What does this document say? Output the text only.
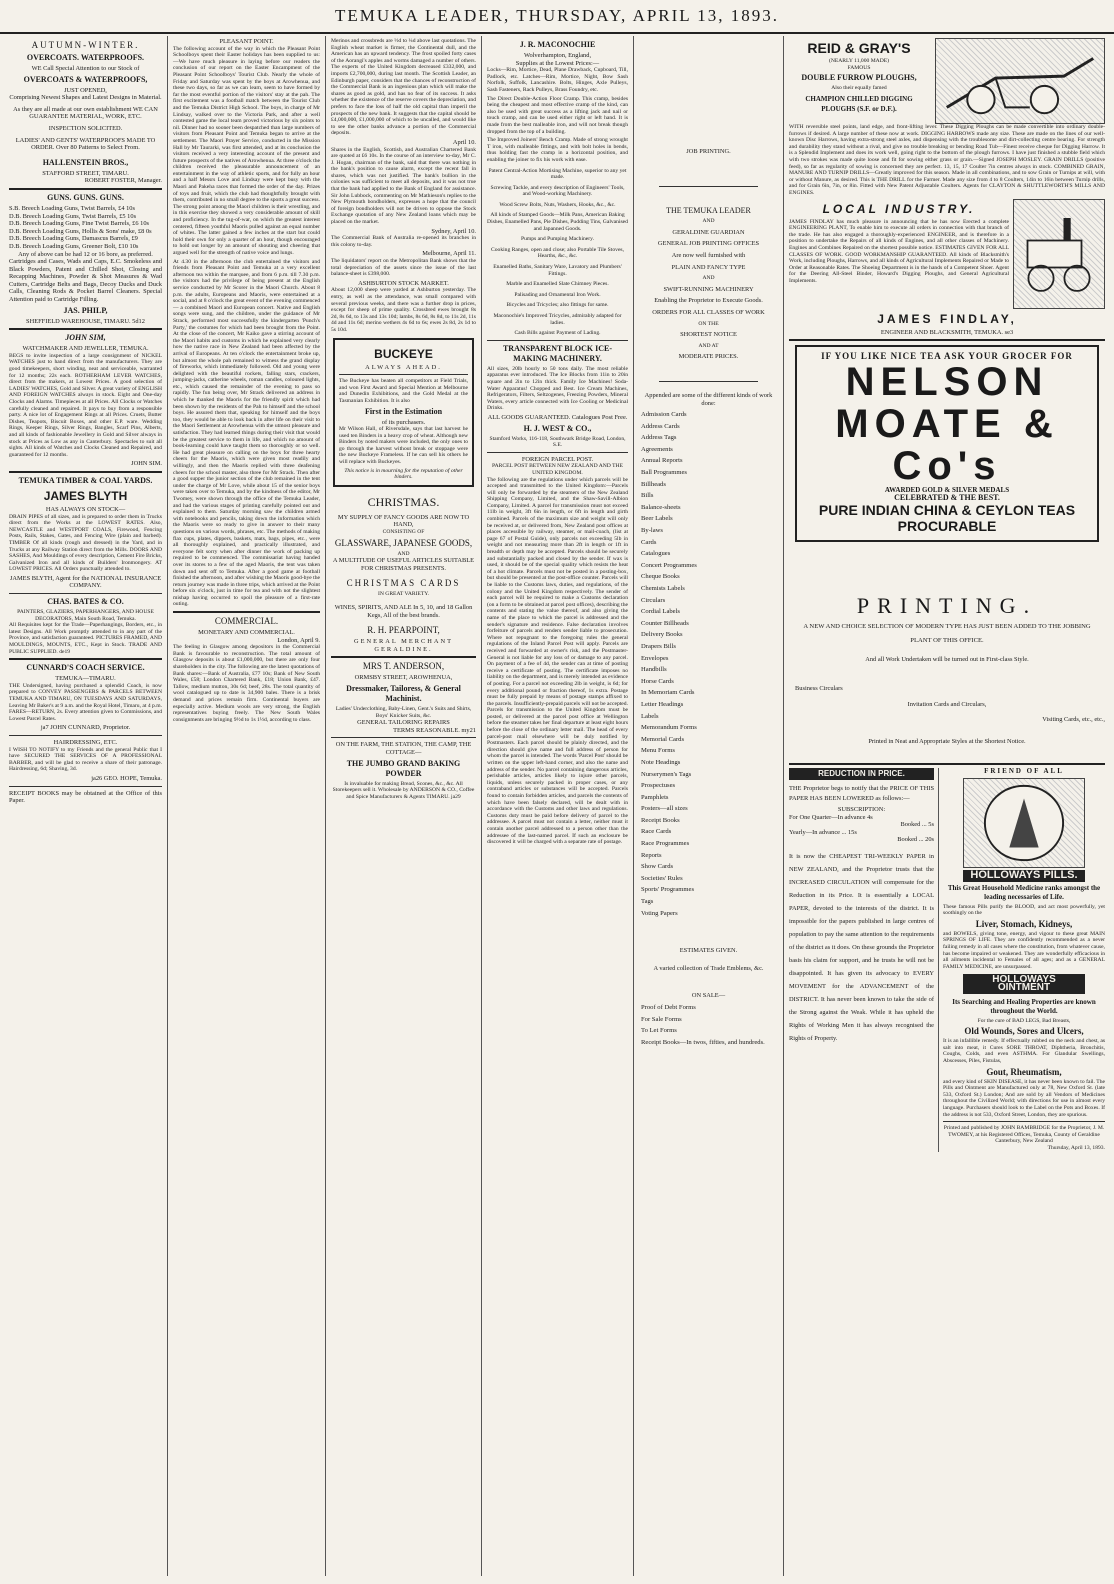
TEMUKA LEADER, THURSDAY, APRIL 13, 1893.
AUTUMN-WINTER.
OVERCOATS. WATERPROOFS.
WE Call Special Attention to our Stock of
OVERCOATS & WATERPROOFS,
JUST OPENED,
Comprising Newest Shapes and Latest Designs in Material.
As they are all made at our own establishment WE CAN GUARANTEE MATERIAL, WORK, ETC.
INSPECTION SOLICITED.
LADIES' AND GENTS' WATERPROOFS MADE TO ORDER. Over 80 Patterns to Select From.
HALLENSTEIN BROS.,
STAFFORD STREET, TIMARU.
ROBERT FOSTER, Manager.
GUNS. GUNS. GUNS.
S.B. Breech Loading Guns, Twist Barrels, £4 10s
D.B. Breech Loading Guns, Twist Barrels, £5 10s
D.B. Breech Loading Guns, Fine Twist Barrels, £6 10s
D.B. Breech Loading Guns, Hollis & Sons' make, £8 0s
D.B. Breech Loading Guns, Damascus Barrels, £9
D.B. Breech Loading Guns, Greener Bolt, £10 10s
Any of above can be had 12 or 16 bore, as preferred.

Cartridges and Cases, Wads and Caps, E.C. Smokeless and Black Powders, Patent and Chilled Shot, Closing and Recapping Machines, Powder & Shot Measures & Wad Cutters, Cartridge Belts and Bags, Decoy Ducks and Duck Calls, Cleaning Rods & Pocket Barrel Cleaners. Special Attention paid to Cartridge Filling.

JAS. PHILP,
SHEFFIELD WAREHOUSE, TIMARU. 5d12
JOHN SIM,
WATCHMAKER AND JEWELLER, TEMUKA.

BEGS to invite inspection of a large consignment of NICKEL WATCHES just to hand direct from the manufacturers. They are good timekeepers, short winding, neat and serviceable, warranted for 12 months; 22s each. ROTHERHAM LEVER WATCHES, direct from the makers, at Lowest Prices. A good selection of LADIES' WATCHES, Gold and Silver. A great variety of ENGLISH AND FOREIGN WATCHES always in stock. Eight and One-day Clocks and Alarms. Timepieces at all Prices. All Clocks or Watches carefully cleaned and repaired. It pays to buy from a responsible party. A nice lot of Engagement Rings at all Prices. Cruets, Butter Dishes, Teapots, Biscuit Boxes, and other E.P. ware. Wedding Rings, Keeper Rings, Silver Rings, Bangles, Scarf Pins, Alberts, and all kinds of fashionable Jewellery in Gold and Silver always in stock at Prices as Low as any in Canterbury. Spectacles to suit all sights. All kinds of Watches and Clocks Cleaned and Repaired, and guaranteed for 12 months.

JOHN SIM.
TEMUKA TIMBER & COAL YARDS.
JAMES BLYTH
HAS ALWAYS ON STOCK—

DRAIN PIPES of all sizes, and is prepared to order them in Trucks direct from the Works at the LOWEST RATES. Also, NEWCASTLE and WESTPORT COALS, Firewood, Fencing Posts, Rails, Stakes, Gates, and Fencing Wire (plain and barbed). TIMBER Of all kinds (rough and dressed) in the Yard, and in Trucks at any Railway Station direct from the Mills. DOORS AND SASHES, And Mouldings of every description, Cement Fire Bricks, Galvanized Iron and all kinds of Builders' Ironmongery. AT LOWEST PRICES. All Orders punctually attended to.

JAMES BLYTH, Agent for the NATIONAL INSURANCE COMPANY.
CHAS. BATES & CO.
PAINTERS, GLAZIERS, PAPERHANGERS, AND HOUSE DECORATORS, Main South Road, Temuka.

All Requisites kept for the Trade—Paperhangings, Borders, etc., in latest Designs. All Work promptly attended to in any part of the Province, and satisfaction guaranteed. PICTURES FRAMED, AND MOULDINGS, MOUNTS, ETC., Kept in Stock. TRADE AND PUBLIC SUPPLIED. de19

CUNNARD'S COACH SERVICE.
TEMUKA—TIMARU.

THE Undersigned, having purchased a splendid Coach, is now prepared to CONVEY PASSENGERS & PARCELS BETWEEN TEMUKA AND TIMARU, ON TUESDAYS AND SATURDAYS, Leaving Mr Baker's at 9 a.m. and the Royal Hotel, Timaru, at 4 p.m. FARES—RETURN, 2s. Every attention given to Commissions, and Lowest Parcel Rates.

ja7 JOHN CUNNARD, Proprietor.
HAIRDRESSING, ETC.

I WISH TO NOTIFY to my Friends and the general Public that I have SECURED THE SERVICES OF A PROFESSIONAL BARBER, and will be glad to receive a share of their patronage. Hairdressing, 6d; Shaving, 3d.

ja26 GEO. HOPE, Temuka.

RECEIPT BOOKS may be obtained at the Office of this Paper.

PLEASANT POINT.

The following account of the way in which the Pleasant Point Schoolboys spent their Easter holidays has been supplied to us:—We have much pleasure in laying before our readers the conclusion of our report on the Easter Encampment of the Pleasant Point Schoolboys' Tourist Club. Nearly the whole of Friday and Saturday was spent by the boys at Arowhenua, and these two days, so far as we can learn, seem to have formed by far the most eventful portion of the visitors' stay at the pah. The first excitement was a football match between the Tourist Club and the Temuka District High School. The boys, in charge of Mr Lindsay, walked over to the Victoria Park, and after a well contested game the local team proved victorious by six points to nil. Dinner had no sooner been despatched than large numbers of visitors from Pleasant Point and Temuka began to arrive at the settlement. The Maori Prayer Service, conducted in the Mission Hall by Mr Taurarki, was first attended, and at its conclusion the visitors received a very interesting account of the present and future prospects of the natives of Arowhenua. At three o'clock the children received the pleasurable announcement of an entertainment in the way of athletic sports, and for fully an hour and a half Messrs Love and Lindsay were kept busy with the Maori and Pakeha races that formed the order of the day. Prizes of toys and fruit, which the club had thoughtfully brought with them, contributed in no small degree to the sports a great success. The strong point among the Maori children is their wrestling, and in this exercise they showed a very considerable amount of skill and proficiency. In the tug-of-war, on which the greatest interest centered, fifteen youthful Maoris pulled against an equal number of whites. The latter gained a few inches at the start but could hold their own for only a quarter of an hour, though encouraged to hold out longer by an amount of shouting and cheering that argued well for the strength of native voice and lungs.

At 4.30 in the afternoon the club entertained the visitors and friends from Pleasant Point and Temuka at a very excellent afternoon tea within the marquee, and from 6 p.m. till 7.30 p.m. the visitors had the privilege of being present at the English service conducted by Mr Scorer in the Maori Church. About 8 p.m. the adults, Europeans and Maoris, were entertained at a social, and at 8 o'clock the great event of the evening commenced — a combined Maori and European concert. Native and English songs were sung, and the children, under the guidance of Mr Strack, performed most successfully the kindergarten 'Punch's Party,' the costumes for which had been brought from the Point. At the close of the concert, Mr Kaiko gave a stirring account of the Maori habits and customs in which he explained very clearly how the native race in New Zealand had been affected by the arrival of Europeans. At ten o'clock the entertainment broke up, but almost the whole pah remained to witness the grand display of fireworks, which immediately followed. Old and young were delighted with the beautiful rockets, falling stars, crackers, jumping-jacks, catherine wheels, roman candles, coloured lights, etc., which caused the remainder of the evening to pass so rapidly. The fun being over, Mr Strack delivered an address in which he thanked the Maoris for the friendly spirit which had been shown by the residents of the Pah to himself and the school boys. He assured them that, speaking for himself and the boys too, they would be able to look back in after life on their visit to the Maori Settlement at Arowhenua with the utmost pleasure and satisfaction. They had learned things during their visit that would be the greatest service to them in life, and which no amount of book-learning could have taught them so thoroughly or so well. He had great pleasure on calling on the boys for three hearty cheers for the Maoris, which were given most readily and willingly, and then the Maoris replied with three deafening cheers for the school master, also three for Mr Strack. Then after a good supper the junior section of the club remained in the tent under the charge of Mr Love, while about 15 of the senior boys were taken over to Temuka, and by the kindness of the editor, Mr Twomey, were shown through the office of the Temuka Leader, and had the various stages of printing carefully pointed out and explained to them. Saturday morning saw the children armed with notebooks and pencils, taking down the information which the Maoris were so ready to give in answer to their many questions on various words, phrases, etc. The methods of making flax cups, plates, dippers, baskets, mats, bags, pipes, etc., were all thoroughly explained, and practically illustrated, and everyone felt sorry when after dinner the work of packing up required to be commenced. The commissariat having handed over its stores to a few of the aged Maoris, the tent was taken down and sent off to Temuka. After a good game at football finished the afternoon, and after wishing the Maoris good-bye the return journey was made in three trips, which arrived at the Point before six o'clock, just in time for tea and with not the slightest mishap having occurred to spoil the pleasure of a first-rate outing.

COMMERCIAL.
MONETARY AND COMMERCIAL.
London, April 9.

The feeling in Glasgow among depositors in the Commercial Bank is favourable to reconstruction. The total amount of Glasgow deposits is about £1,000,000, but there are only four shareholders in the city. The following are the latest quotations of Bank shares:—Bank of Australia, £77 10s; Bank of New South Wales, £58; London Chartered Bank, £18; Union Bank, £47. Tallow, medium mutton, 30s 6d; beef, 28s. The total quantity of wool catalogued up to date is 34,900 bales. There is a brisk demand and prices remain firm. Continental buyers are especially active. Medium wools are very strong, the English representatives buying freely. The New South Wales consignments are bringing 9½d to 1s 1½d, according to class.

Merinos and crossbreds are ½d to ¼d above last quotations. The English wheat market is firmer, the Continental dull, and the American has an upward tendency. The frost spoiled forty cases of the Aorangi's apples and worms damaged a number of others. The experts of the United Kingdom decreased £332,000, and imports £2,700,000, during last month. The Scottish Leader, an Edinburgh paper, considers that the chances of reconstruction of the Commercial Bank is an ingenious plan which will make the shares as good as gold, and has no fear of its success. It asks whether the existence of the reserve covers the depreciation, and prefers to face the loss of half the old capital than imperil the prospects of the new bank. It suggests that the capital should be £4,000,000, £1,000,000 of which to be uncalled, and would like to see the other banks advance a portion of the Commercial deposits.

April 10.

Shares in the English, Scottish, and Australian Chartered Bank are quoted at £6 10s. In the course of an interview to-day, Mr C. J. Hogan, chairman of the bank, said that there was nothing in the bank's position to cause alarm, except the recent fall in shares, which was not justified. The bank's bullion in the colonies was sufficient to meet all deposits, and it was not true that the bank had applied to the Bank of England for assistance. Sir John Lubbock, commenting on Mr Mathieson's replies to the New Plymouth bondholders, expresses a hope that the council of foreign bondholders will not be driven to oppose the Stock Exchange quotation of any New Zealand loans which may be placed on the market.

Sydney, April 10.

The Commercial Bank of Australia re-opened its branches in this colony to-day.

Melbourne, April 11.

The liquidators' report on the Metropolitan Bank shows that the total depreciation of the assets since the issue of the last balance-sheet is £398,000.

ASHBURTON STOCK MARKET.

About 12,000 sheep were yarded at Ashburton yesterday. The entry, as well as the attendance, was small compared with several previous weeks, and there was a further drop in prices, except for sheep of prime quality. Crossbred ewes brought 8s 2d, 8s 6d, to 13s and 13s 10d; lambs, 8s 6d, 8s 8d, to 11s 2d, 11s 4d and 11s 6d; merino wethers 4s 6d to 6s; ewes 2s 8d, 2s 1d to 5s 10d.

BUCKEYE
ALWAYS AHEAD.

The Buckeye has beaten all competitors at Field Trials, and won First Award and Special Mention at Melbourne and Dunedin Exhibitions, and the Gold Medal at the Tasmanian Exhibition. It is also

First in the Estimation
of its purchasers.

Mr Wilson Hall, of Riversdale, says that last harvest he used ten Binders in a heavy crop of wheat. Although new Binders by noted makers were included, the only ones to go through the harvest without break or stoppage were the new Buckeye Frameless. If he can sell his others he will replace with Buckeyes.

This notice is in mourning for the reputation of other binders.
CHRISTMAS.
MY SUPPLY OF FANCY GOODS ARE NOW TO HAND,
CONSISTING OF
GLASSWARE, JAPANESE GOODS,
AND
A MULTITUDE OF USEFUL ARTICLES SUITABLE FOR CHRISTMAS PRESENTS.
CHRISTMAS CARDS
IN GREAT VARIETY.
WINES, SPIRITS, AND ALE In 5, 10, and 18 Gallon Kegs, All of the best brands.
R. H. PEARPOINT,
GENERAL MERCHANT GERALDINE.
MRS T. ANDERSON,
ORMSBY STREET, AROWHENUA,
Dressmaker, Tailoress, & General Machinist.
Ladies' Underclothing, Baby-Linen, Gent.'s Suits and Shirts, Boys' Knicker Suits, &c.
GENERAL TAILORING REPAIRS
TERMS REASONABLE. my21
ON THE FARM, THE STATION, THE CAMP, THE COTTAGE—
THE JUMBO GRAND BAKING POWDER
Is invaluable for making Bread, Scones, &c., &c. All Storekeepers sell it. Wholesale by ANDERSON & CO., Coffee and Spice Manufacturers & Agents TIMARU. ja29
J. R. MACONOCHIE
Wolverhampton, England,
Supplies at the Lowest Prices:—

Locks—Rim, Mortice, Dead, Plane Drawback, Cupboard, Till, Padlock, etc. Latches—Rim, Mortice, Night, Bow Sash Norfolk, Suffolk, Lancashire. Bolts, Hinges, Axle Pulleys, Sash Fasteners, Rack Pulleys, Brass Foundry, etc.

The Direct Double-Action Floor Cramp. This cramp, besides being the cheapest and most effective cramp of the kind, can also be used with great success as a lifting jack and nail or touch cramp, and can be used either right or left hand. It is made from the best malleable iron, and will not break though dropped from the top of a building.

The Improved Joiners' Bench Cramp. Made of strong wrought T iron, with malleable fittings, and with bolt holes in bends, thus holding fast the cramp in a horizontal position, and enabling the joiner to fix his work with ease.

Patent Central-Action Mortising Machine, superior to any yet made.

Screwing Tackle, and every description of Engineers' Tools, and Wood-working Machinery.

Wood Screw Bolts, Nuts, Washers, Hooks, &c., &c.

All kinds of Stamped Goods—Milk Pans, American Baking Dishes, Enamelled Pans, Pie Dishes, Pudding Tins, Galvanised and Japanned Goods.

Pumps and Pumping Machinery.

Cooking Ranges, open and close; also Portable Tile Stoves, Hearths, &c., &c.

Enamelled Baths, Sanitary Ware, Lavatory and Plumbers' Fittings.

Marble and Enamelled Slate Chimney Pieces.

Palisading and Ornamental Iron Work.

Bicycles and Tricycles; also fittings for same.

Maconochie's Improved Tricycles, admirably adapted for ladies.

Cash Bills against Payment of Lading.

TRANSPARENT BLOCK ICE-MAKING MACHINERY.

All sizes, 20lb hourly to 50 tons daily. The most reliable apparatus ever introduced. The Ice Blocks from 11in to 20in square and 2in to 12in thick. Family Ice Machines! Soda-Water Apparatus! Chopped and Best. Ice Cream Machines, Refrigerators, Filters, Seltzogenes, Freezing Powders, Mineral Waters, every article connected with Ice Cooling or Medicinal Drinks.

ALL GOODS GUARANTEED. Catalogues Post Free.
H. J. WEST & CO.,
Stamford Works, 116-118, Southwark Bridge Road, London, S.E.
FOREIGN PARCEL POST.
PARCEL POST BETWEEN NEW ZEALAND AND THE UNITED KINGDOM.

The following are the regulations under which parcels will be accepted and transmitted to the United Kingdom:—Parcels will only be forwarded by the steamers of the New Zealand Shipping Company, Limited, and the Shaw-Savill-Albion Company, Limited. A parcel for transmission must not exceed 11lb in weight, 3ft 6in in length, or 6ft in length and girth combined. Parcels of the maximum size and weight will only be received at, or delivered from, New Zealand post offices at places accessible by railway, steamer, or mail-coach, (list at page 67 of Postal Guide), only parcels not exceeding 5lb in weight and not measuring more than 2ft in length or 1ft in breadth or depth may be accepted. Parcels should be securely and substantially packed and closed by the sender. If wax is used, it should be of the special quality which resists the heat of a hot climate. Parcels must not be posted in a posting-box, but should be presented at the post-office counter. Parcels will be liable to the Customs laws, duties, and regulations, of the colony and the United Kingdom respectively. The sender of each parcel will be required to make a Customs declaration (on a form to be obtained at parcel post offices), describing the contents and stating the value thereof, and also giving the name of the place to which the parcel is addressed and the sender's signature and residence. False declaration involves forfeiture of parcels and renders sender liable to prosecution. Where not repugnant to the foregoing rules the general regulations of the Inland Parcel Post will apply. Parcels are received and forwarded at owner's risk, and the Postmaster-General is not liable for any loss of or damage to any parcel. On payment of a fee of 4d, the sender can at time of posting receive a certificate of posting. The certificate imposes no liability on the department, and is merely intended as evidence of posting. For a parcel not exceeding 2lb in weight, is 6d; for every additional pound or fraction thereof, 1s extra. Postage must be fully prepaid by means of postage stamps affixed to the parcels. Insufficiently-prepaid parcels will not be accepted. Parcels for transmission to the United Kingdom must be posted, or delivered at the parcel post office at Wellington before the steamer takes her final departure at least eight hours before the close of the ordinary letter mail. The head of every parcel-post mail elsewhere will be duly notified by Postmasters. Each parcel should be plainly directed, and the direction should give name and full address of person for whom the parcel is intended. The words 'Parcel Post' should be written on the upper left-hand corner, and also the name and address of the sender. No parcel containing dangerous articles, perishable articles, articles likely to injure other parcels, liquids, unless securely packed in proper cases, or any contraband articles or substances will be accepted. Parcels found to contain forbidden articles, and parcels the contents of which have been falsely declared, will be dealt with in accordance with the Customs and other laws and regulations. Customs duty must be paid before delivery of parcel to the addressee. A parcel must not contain a letter, neither must it contain another parcel addressed to a person other than the addressee of the last-named parcel. If such an enclosure be discovered it will be charged with a separate rate of postage.

JOB PRINTING.
THE TEMUKA LEADER
AND
GERALDINE GUARDIAN
GENERAL JOB PRINTING OFFICES
Are now well furnished with
PLAIN AND FANCY TYPE
AND
SWIFT-RUNNING MACHINERY
Enabling the Proprietor to Execute Goods.
ORDERS FOR ALL CLASSES OF WORK
ON THE
SHORTEST NOTICE
AND AT
MODERATE PRICES.
Appended are some of the different kinds of work done:
Admission Cards
Address Cards
Address Tags
Agreements
Annual Reports
Ball Programmes
Billheads
Bills
Balance-sheets
Beer Labels
By-laws
Cards
Catalogues
Concert Programmes
Cheque Books
Chemists Labels
Circulars
Cordial Labels
Counter Billheads
Delivery Books
Drapers Bills
Envelopes
Handbills
Horse Cards
In Memoriam Cards
Letter Headings
Labels
Memorandum Forms
Memorial Cards
Menu Forms
Note Headings
Nurserymen's Tags
Prospectuses
Pamphlets
Posters—all sizes
Receipt Books
Race Cards
Race Programmes
Reports
Show Cards
Societies' Rules
Sports' Programmes
Tags
Voting Papers
ESTIMATES GIVEN.
A varied collection of Trade Emblems, &c.
ON SALE—
Proof of Debt Forms
For Sale Forms
To Let Forms
Receipt Books—In twos, fifties, and hundreds.
REID & GRAY'S
(NEARLY 11,000 MADE)
FAMOUS
DOUBLE FURROW PLOUGHS,
Also their equally famed
CHAMPION CHILLED DIGGING PLOUGHS (S.F. or D.F.).

WITH reversible steel points, land edge, and front-lifting lever. These Digging Ploughs can be made convertible into ordinary double-furrows if desired. A large number of these now at work. DIGGING HARROWS made any size. These are made on the lines of our well-known Disc Harrows, having extra-strong steel axles, and dispensing with the troublesome and dirt-collecting centre bearing. For strength and durability they stand without a rival, and give no trouble breaking or bending Road Tub—Finest receive cheque for Digging Harrow. It is a Splendid Implement and does its work well, going right to the bottom of the plough furrows. I have just finished a stubble field which with two strokes was made quite loose and fit for sowing either grass or grain.—Signed JOSEPH MOSLEY. GRAIN DRILLS (positive feed), so far as regularity of sowing is concerned they are perfect. 13, 15, 17 Coulter 7in centres always in stock. COMBINED GRAIN, MANURE AND TURNIP DRILLS—Greatly improved for this season. Made in all combinations, and to sow Grain or Turnips at will, with or without Manure, as desired. This is THE DRILL for the Farmer. Made any size from 4 to 8 Coulters, 14in to 16in between Turnip drills, and for Grain 6in, 7in, or 8in. Fitted with New Patent Adjustable Coulters. Agents for CLAYTON & SHUTTLEWORTH'S MILLS AND ENGINES.

LOCAL INDUSTRY.

JAMES FINDLAY has much pleasure in announcing that he has now Erected a complete ENGINEERING PLANT, To enable him to execute all orders in connection with that branch of the trade. He has also engaged a thoroughly-experienced ENGINEER, and is therefore in a position to undertake the Repairs of all kinds of Engines, and all other classes of Machinery. Engines and Combines Repaired on the shortest possible notice. ESTIMATES GIVEN FOR ALL CLASSES OF WORK. GOOD WORKMANSHIP GUARANTEED. All kinds of Blacksmith's Work, including Ploughs, Harrows, and all kinds of Agricultural Implements Repaired or Made to Order at Reasonable Rates. The Shoeing Department is in the hands of a Competent Shoer. Agent for the Deering All-Steel Binder, Howard's Digging Ploughs, and General Agricultural Implements.

JAMES FINDLAY,
ENGINEER AND BLACKSMITH, TEMUKA. se3
IF YOU LIKE NICE TEA ASK YOUR GROCER FOR
NELSON
MOATE & Co's
AWARDED GOLD & SILVER MEDALS
CELEBRATED & THE BEST.
PURE INDIAN CHINA & CEYLON TEAS
PROCURABLE
PRINTING.
A NEW AND CHOICE SELECTION OF MODERN TYPE HAS JUST BEEN ADDED TO THE JOBBING PLANT OF THIS OFFICE.
And all Work Undertaken will be turned out in First-class Style.
Business Circulars
Invitation Cards and Circulars,
Visiting Cards, etc., etc.,
Printed in Neat and Appropriate Styles at the Shortest Notice.
REDUCTION IN PRICE.

THE Proprietor begs to notify that the PRICE OF THIS PAPER HAS BEEN LOWERED as follows:—

SUBSCRIPTION:
For One Quarter—In advance 4s
Booked ... 5s
Yearly—In advance ... 15s
Booked ... 20s

It is now the CHEAPEST TRI-WEEKLY PAPER in NEW ZEALAND, and the Proprietor trusts that the INCREASED CIRCULATION will compensate for the Reduction in its Price. It is essentially a LOCAL PAPER, devoted to the interests of the district. It is impossible for the papers published in large centres of population to pay the same attention to the requirements of the district as it does. On these grounds the Proprietor basis his claim for support, and he trusts he will not be disappointed. It has given its advocacy to EVERY MOVEMENT for the ADVANCEMENT of the DISTRICT. It has never been known to take the side of the Strong against the Weak. While it has upheld the Rights of Working Men it has always recognised the Rights of Property.

FRIEND OF ALL
HOLLOWAYS PILLS.
This Great Household Medicine ranks amongst the leading necessaries of Life.
These famous Pills purify the BLOOD, and act most powerfully, yet soothingly on the
Liver, Stomach, Kidneys,
and BOWELS, giving tone, energy, and vigour to these great MAIN SPRINGS OF LIFE. They are confidently recommended as a never failing remedy in all cases where the constitution, from whatever cause, has become impaired or weakened. They are wonderfully efficacious in all ailments incidental to Females of all ages; and as a GENERAL FAMILY MEDICINE, are unsurpassed.
HOLLOWAYS OINTMENT
Its Searching and Healing Properties are known throughout the World.
For the cure of BAD LEGS, Bad Breasts,
Old Wounds, Sores and Ulcers,
It is an infallible remedy. If effectually rubbed on the neck and chest, as salt into meat, it Cures SORE THROAT, Diphtheria, Bronchitis, Coughs, Colds, and even ASTHMA. For Glandular Swellings, Abscesses, Piles, Fistulas,
Gout, Rheumatism,
and every kind of SKIN DISEASE, it has never been known to fail. The Pills and Ointment are Manufactured only at 78, New Oxford St. (late 533, Oxford St.) London; And are sold by all Vendors of Medicines throughout the Civilized World; with directions for use in almost every language. Purchasers should look to the Label on the Pots and Boxes. If the address is not 533, Oxford Street, London, they are spurious.
Printed and published by JOHN BAMBRIDGE for the Proprietor, J. M. TWOMEY, at his Registered Offices, Temuka, County of Geraldine Canterbury, New Zealand
Thursday, April 13, 1893.
